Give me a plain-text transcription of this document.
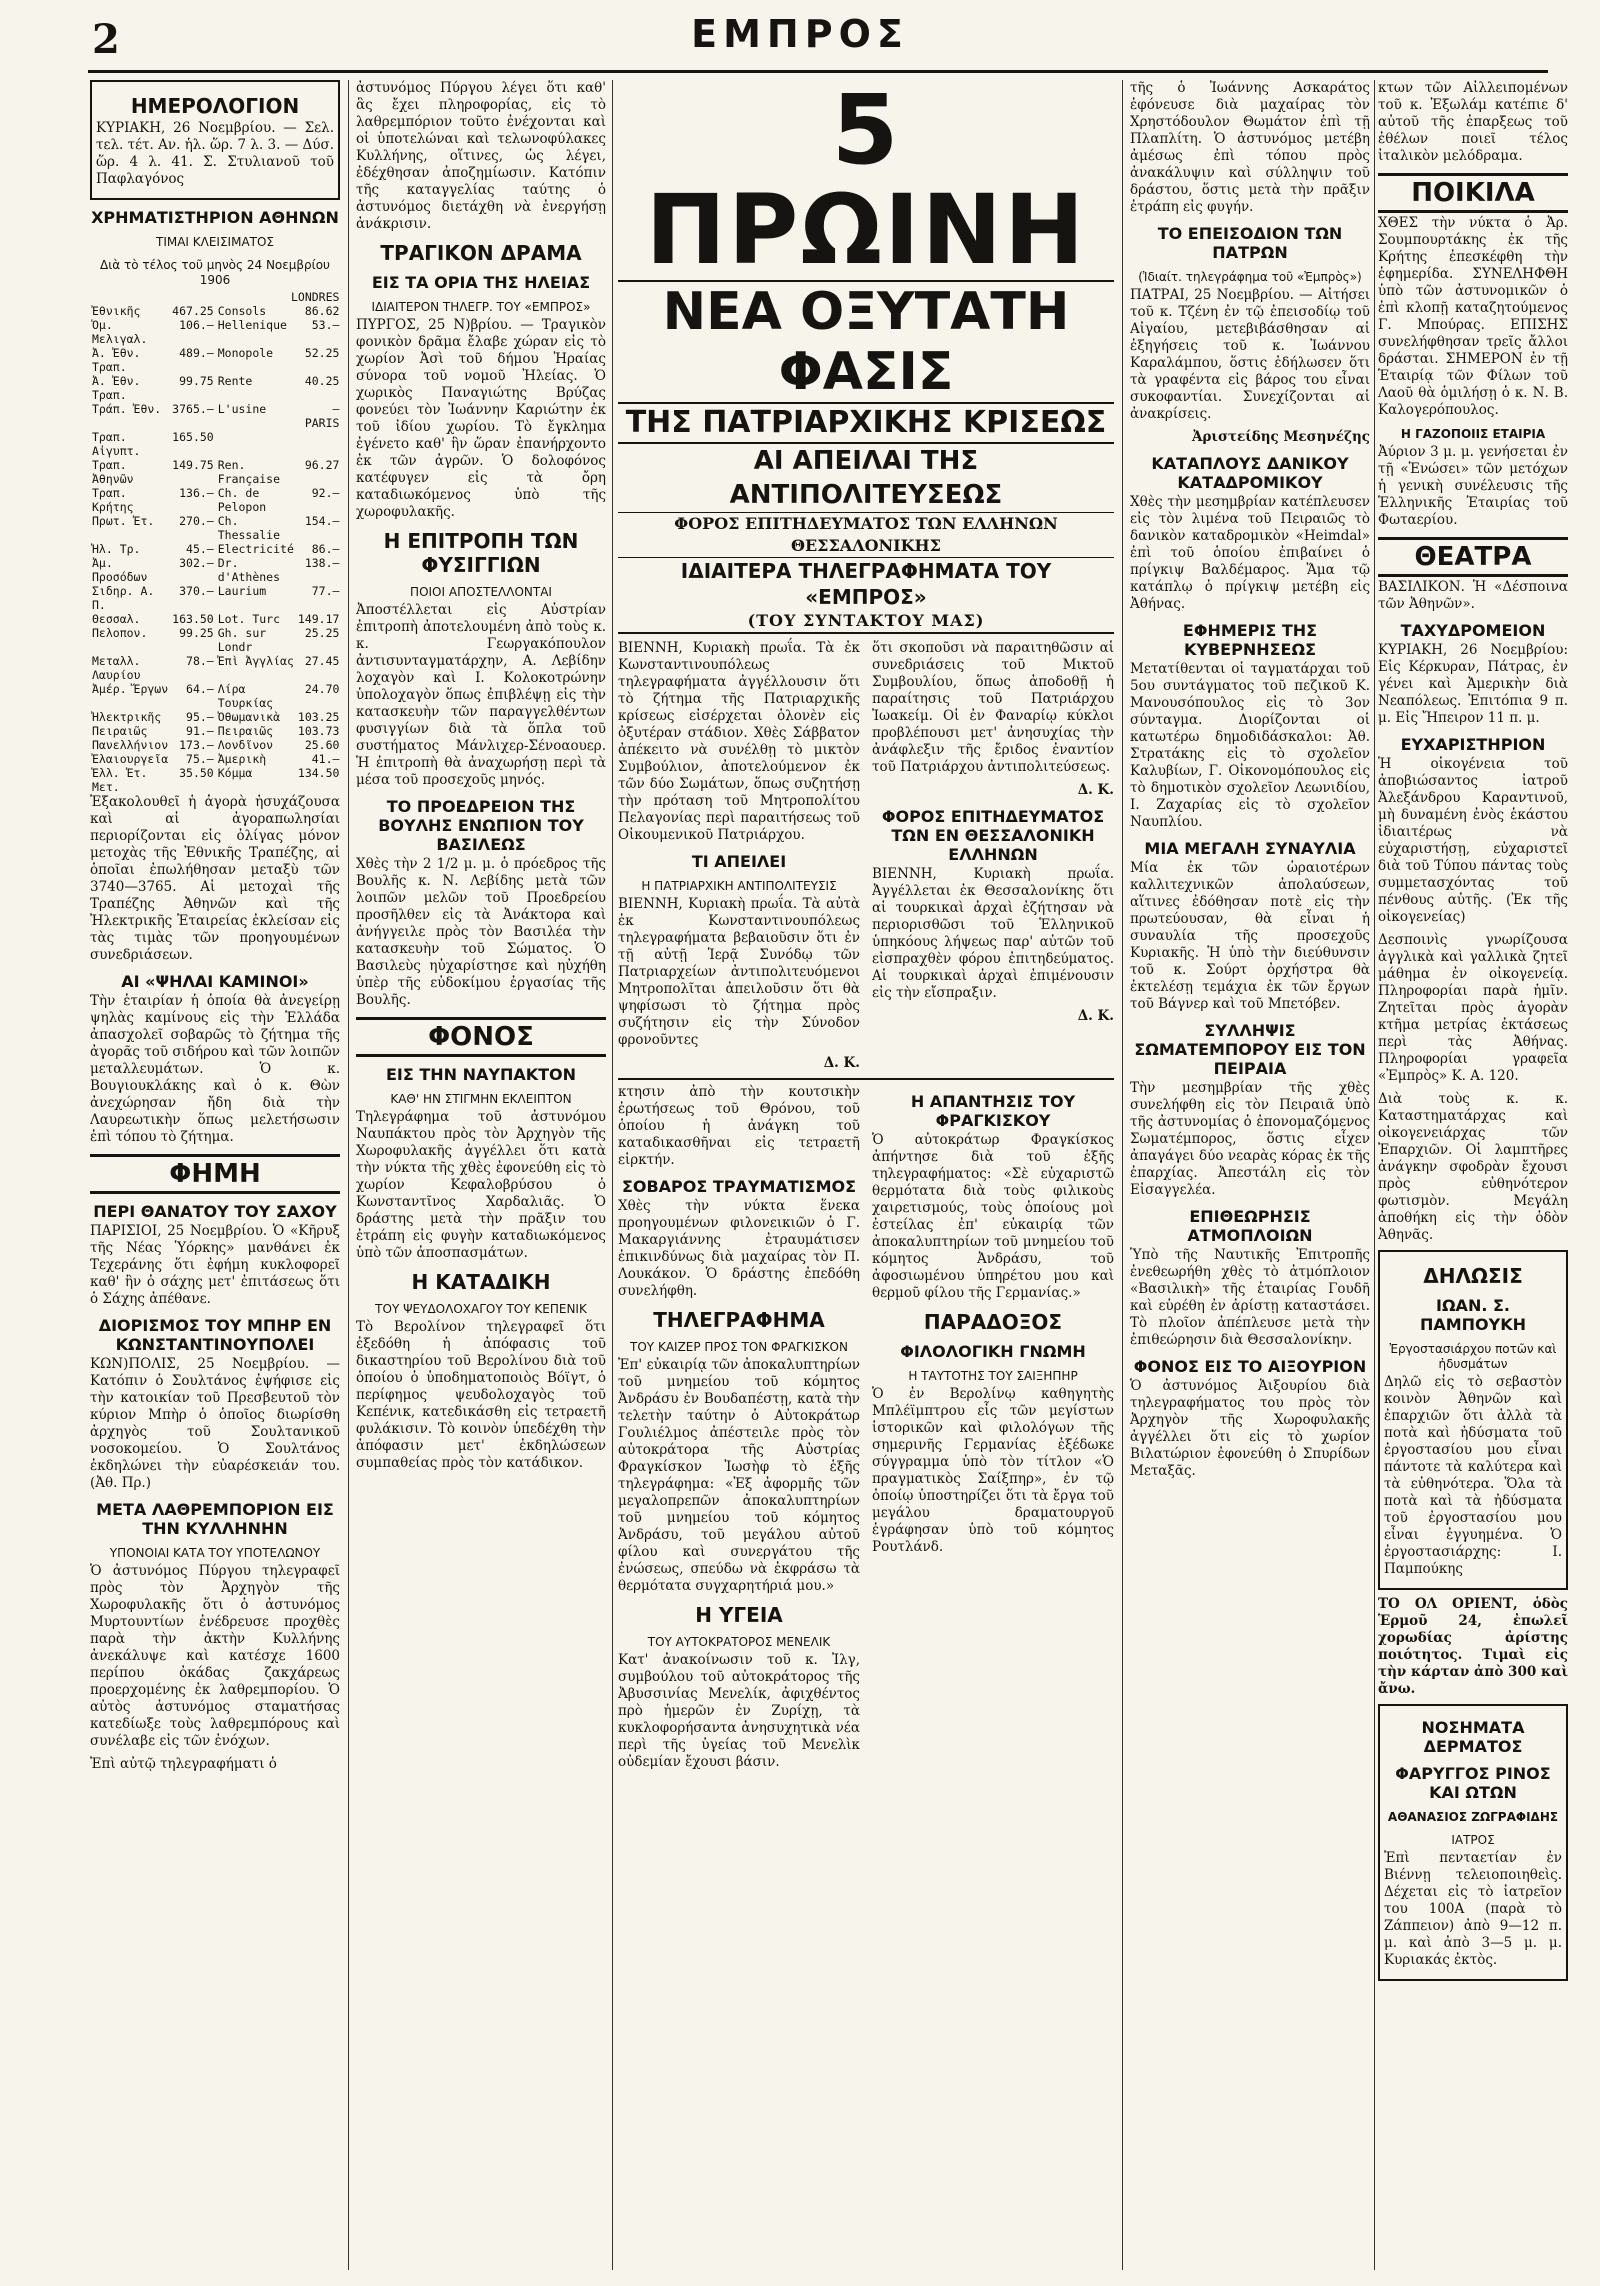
2	ΕΜΠΡΟΣ
ΗΜΕΡΟΛΟΓΙΟΝ

ΚΥΡΙΑΚΗ, 26 Νοεμβρίου. — Σελ. τελ. τέτ. Αν. ἡλ. ὥρ. 7 λ. 3. — Δύσ. ὥρ. 4 λ. 41. Σ. Στυλιανοῦ τοῦ Παφλαγόνος

ΧΡΗΜΑΤΙΣΤΗΡΙΟΝ ΑΘΗΝΩΝ
ΤΙΜΑΙ ΚΛΕΙΣΙΜΑΤΟΣ
Διὰ τὸ τέλος τοῦ μηνὸς 24 Νοεμβρίου 1906
		LONDRES	
Ἐθνικῆς	467.25	Consols	86.62
Ὁμ. Μελιγαλ.	106.—	Hellenique	53.—
Ἀ. Ἐθν. Τραπ.	489.—	Monopole	52.25
Ἀ. Ἐθν. Τραπ.	99.75	Rente	40.25
Τράπ. Ἐθν.	3765.—	L'usine	—
		PARIS	
Τραπ. Αἰγυπτ.	165.50		
Τραπ. Ἀθηνῶν	149.75	Ren. Française	96.27
Τραπ. Κρήτης	136.—	Ch. de Pelopon	92.—
Πρωτ. Ἐτ.	270.—	Ch. Thessalie	154.—
Ἡλ. Τρ.	45.—	Electricité	86.—
Ἀμ. Προσόδων	302.—	Dr. d'Athènes	138.—
Σιδηρ. Α. Π.	370.—	Laurium	77.—
Θεσσαλ.	163.50	Lot. Turc	149.17
Πελοπον.	99.25	Gh. sur Londr	25.25
Μεταλλ. Λαυρίου	78.—	Ἐπὶ Ἀγγλίας	27.45
Ἀμέρ. Ἔργων	64.—	Λίρα Τουρκίας	24.70
Ἠλεκτρικῆς	95.—	Ὀθωμανικὰ	103.25
Πειραιῶς	91.—	Πειραιῶς	103.73
Πανελλήνιον	173.—	Λονδῖνον	25.60
Ἐλαιουργεῖα	75.—	Ἀμερικὴ	41.—
Ἑλλ. Ἑτ. Μετ.	35.50	Κόμμα	134.50

Ἐξακολουθεῖ ἡ ἀγορὰ ἡσυχάζουσα καὶ αἱ ἀγοραπωλησίαι περιορίζονται εἰς ὀλίγας μόνον μετοχὰς τῆς Ἐθνικῆς Τραπέζης, αἱ ὁποῖαι ἐπωλήθησαν μεταξὺ τῶν 3740—3765. Αἱ μετοχαὶ τῆς Τραπέζης Ἀθηνῶν καὶ τῆς Ἠλεκτρικῆς Ἑταιρείας ἐκλείσαν εἰς τὰς τιμὰς τῶν προηγουμένων συνεδριάσεων.

ΑΙ «ΨΗΛΑΙ ΚΑΜΙΝΟΙ»

Τὴν ἑταιρίαν ἡ ὁποία θὰ ἀνεγείρῃ ψηλὰς καμίνους εἰς τὴν Ἑλλάδα ἀπασχολεῖ σοβαρῶς τὸ ζήτημα τῆς ἀγορᾶς τοῦ σιδήρου καὶ τῶν λοιπῶν μεταλλευμάτων. Ὁ κ. Βουγιουκλάκης καὶ ὁ κ. Θὼν ἀνεχώρησαν ἤδη διὰ τὴν Λαυρεωτικὴν ὅπως μελετήσωσιν ἐπὶ τόπου τὸ ζήτημα.

ΦΗΜΗ
ΠΕΡΙ ΘΑΝΑΤΟΥ ΤΟΥ ΣΑΧΟΥ

ΠΑΡΙΣΙΟΙ, 25 Νοεμβρίου. Ὁ «Κῆρυξ τῆς Νέας Ὑόρκης» μανθάνει ἐκ Τεχεράνης ὅτι ἐφήμη κυκλοφορεῖ καθ' ἣν ὁ σάχης μετ' ἐπιτάσεως ὅτι ὁ Σάχης ἀπέθανε.

ΔΙΟΡΙΣΜΟΣ ΤΟΥ ΜΠΗΡ ΕΝ ΚΩΝΣΤΑΝΤΙΝΟΥΠΟΛΕΙ

ΚΩΝ)ΠΟΛΙΣ, 25 Νοεμβρίου. — Κατόπιν ὁ Σουλτάνος ἐψήφισε εἰς τὴν κατοικίαν τοῦ Πρεσβευτοῦ τὸν κύριον Μπὴρ ὁ ὁποῖος διωρίσθη ἀρχηγὸς τοῦ Σουλτανικοῦ νοσοκομείου. Ὁ Σουλτάνος ἐκδηλώνει τὴν εὐαρέσκειάν του. (Ἀθ. Πρ.)

ΜΕΤΑ ΛΑΘΡΕΜΠΟΡΙΟΝ ΕΙΣ ΤΗΝ ΚΥΛΛΗΝΗΝ
ΥΠΟΝΟΙΑΙ ΚΑΤΑ ΤΟΥ ΥΠΟΤΕΛΩΝΟΥ

Ὁ ἀστυνόμος Πύργου τηλεγραφεῖ πρὸς τὸν Ἀρχηγὸν τῆς Χωροφυλακῆς ὅτι ὁ ἀστυνόμος Μυρτουντίων ἐνέδρευσε προχθὲς παρὰ τὴν ἀκτὴν Κυλλήνης ἀνεκάλυψε καὶ κατέσχε 1600 περίπου ὀκάδας ζακχάρεως προερχομένης ἐκ λαθρεμπορίου. Ὁ αὐτὸς ἀστυνόμος σταματήσας κατεδίωξε τοὺς λαθρεμπόρους καὶ συνέλαβε εἰς τῶν ἐνόχων.

Ἐπὶ αὐτῷ τηλεγραφήματι ὁ

ἀστυνόμος Πύργου λέγει ὅτι καθ' ἃς ἔχει πληροφορίας, εἰς τὸ λαθρεμπόριον τοῦτο ἐνέχονται καὶ οἱ ὑποτελώναι καὶ τελωνοφύλακες Κυλλήνης, οἵτινες, ὡς λέγει, ἐδέχθησαν ἀποζημίωσιν. Κατόπιν τῆς καταγγελίας ταύτης ὁ ἀστυνόμος διετάχθη νὰ ἐνεργήσῃ ἀνάκρισιν.

ΤΡΑΓΙΚΟΝ ΔΡΑΜΑ
ΕΙΣ ΤΑ ΟΡΙΑ ΤΗΣ ΗΛΕΙΑΣ
ΙΔΙΑΙΤΕΡΟΝ ΤΗΛΕΓΡ. ΤΟΥ «ΕΜΠΡΟΣ»

ΠΥΡΓΟΣ, 25 Ν)βρίου. — Τραγικὸν φονικὸν δρᾶμα ἔλαβε χώραν εἰς τὸ χωρίον Ἀσὶ τοῦ δήμου Ἠραίας σύνορα τοῦ νομοῦ Ἠλείας. Ὁ χωρικὸς Παναγιώτης Βρύζας φονεύει τὸν Ἰωάννην Καριώτην ἐκ τοῦ ἰδίου χωρίου. Τὸ ἔγκλημα ἐγένετο καθ' ἣν ὥραν ἐπανήρχοντο ἐκ τῶν ἀγρῶν. Ὁ δολοφόνος κατέφυγεν εἰς τὰ ὄρη καταδιωκόμενος ὑπὸ τῆς χωροφυλακῆς.

Η ΕΠΙΤΡΟΠΗ ΤΩΝ ΦΥΣΙΓΓΙΩΝ
ΠΟΙΟΙ ΑΠΟΣΤΕΛΛΟΝΤΑΙ

Ἀποστέλλεται εἰς Αὐστρίαν ἐπιτροπὴ ἀποτελουμένη ἀπὸ τοὺς κ. κ. Γεωργακόπουλον ἀντισυνταγματάρχην, Α. Λεβίδην λοχαγὸν καὶ Ι. Κολοκοτρώνην ὑπολοχαγὸν ὅπως ἐπιβλέψῃ εἰς τὴν κατασκευὴν τῶν παραγγελθέντων φυσιγγίων διὰ τὰ ὅπλα τοῦ συστήματος Μάνλιχερ-Σένοαουερ. Ἡ ἐπιτροπὴ θὰ ἀναχωρήσῃ περὶ τὰ μέσα τοῦ προσεχοῦς μηνός.

ΤΟ ΠΡΟΕΔΡΕΙΟΝ ΤΗΣ ΒΟΥΛΗΣ ΕΝΩΠΙΟΝ ΤΟΥ ΒΑΣΙΛΕΩΣ

Χθὲς τὴν 2 1/2 μ. μ. ὁ πρόεδρος τῆς Βουλῆς κ. Ν. Λεβίδης μετὰ τῶν λοιπῶν μελῶν τοῦ Προεδρείου προσῆλθεν εἰς τὰ Ἀνάκτορα καὶ ἀνήγγειλε πρὸς τὸν Βασιλέα τὴν κατασκευὴν τοῦ Σώματος. Ὁ Βασιλεὺς ηὐχαρίστησε καὶ ηὐχήθη ὑπὲρ τῆς εὐδοκίμου ἐργασίας τῆς Βουλῆς.

ΦΟΝΟΣ
ΕΙΣ ΤΗΝ ΝΑΥΠΑΚΤΟΝ
ΚΑΘ' ΗΝ ΣΤΙΓΜΗΝ ΕΚΛΕΙΠΤΟΝ

Τηλεγράφημα τοῦ ἀστυνόμου Ναυπάκτου πρὸς τὸν Ἀρχηγὸν τῆς Χωροφυλακῆς ἀγγέλλει ὅτι κατὰ τὴν νύκτα τῆς χθὲς ἐφονεύθη εἰς τὸ χωρίον Κεφαλοβρύσου ὁ Κωνσταντῖνος Χαρδαλιᾶς. Ὁ δράστης μετὰ τὴν πρᾶξιν του ἐτράπη εἰς φυγὴν καταδιωκόμενος ὑπὸ τῶν ἀποσπασμάτων.

Η ΚΑΤΑΔΙΚΗ
ΤΟΥ ΨΕΥΔΟΛΟΧΑΓΟΥ ΤΟΥ ΚΕΠΕΝΙΚ

Τὸ Βερολίνον τηλεγραφεῖ ὅτι ἐξεδόθη ἡ ἀπόφασις τοῦ δικαστηρίου τοῦ Βερολίνου διὰ τοῦ ὁποίου ὁ ὑποδηματοποιὸς Βόϊγτ, ὁ περίφημος ψευδολοχαγὸς τοῦ Κεπένικ, κατεδικάσθη εἰς τετραετῆ φυλάκισιν. Τὸ κοινὸν ὑπεδέχθη τὴν ἀπόφασιν μετ' ἐκδηλώσεων συμπαθείας πρὸς τὸν κατάδικον.

5 ΠΡΩΙΝΗ
ΝΕΑ ΟΞΥΤΑΤΗ ΦΑΣΙΣ
ΤΗΣ ΠΑΤΡΙΑΡΧΙΚΗΣ ΚΡΙΣΕΩΣ
ΑΙ ΑΠΕΙΛΑΙ ΤΗΣ ΑΝΤΙΠΟΛΙΤΕΥΣΕΩΣ
ΦΟΡΟΣ ΕΠΙΤΗΔΕΥΜΑΤΟΣ ΤΩΝ ΕΛΛΗΝΩΝ ΘΕΣΣΑΛΟΝΙΚΗΣ
ΙΔΙΑΙΤΕΡΑ ΤΗΛΕΓΡΑΦΗΜΑΤΑ ΤΟΥ «ΕΜΠΡΟΣ»
(ΤΟΥ ΣΥΝΤΑΚΤΟΥ ΜΑΣ)

ΒΙΕΝΝΗ, Κυριακὴ πρωΐα. Τὰ ἐκ Κωνσταντινουπόλεως τηλεγραφήματα ἀγγέλλουσιν ὅτι τὸ ζήτημα τῆς Πατριαρχικῆς κρίσεως εἰσέρχεται ὁλονὲν εἰς ὀξυτέραν στάδιον. Χθὲς Σάββατον ἀπέκειτο νὰ συνέλθῃ τὸ μικτὸν Συμβούλιον, ἀποτελούμενον ἐκ τῶν δύο Σωμάτων, ὅπως συζητήσῃ τὴν πρόταση τοῦ Μητροπολίτου Πελαγονίας περὶ παραιτήσεως τοῦ Οἰκουμενικοῦ Πατριάρχου.

ΤΙ ΑΠΕΙΛΕΙ
Η ΠΑΤΡΙΑΡΧΙΚΗ ΑΝΤΙΠΟΛΙΤΕΥΣΙΣ

ΒΙΕΝΝΗ, Κυριακὴ πρωΐα. Τὰ αὐτὰ ἐκ Κωνσταντινουπόλεως τηλεγραφήματα βεβαιοῦσιν ὅτι ἐν τῇ αὐτῇ Ἱερᾷ Συνόδῳ τῶν Πατριαρχείων ἀντιπολιτευόμενοι Μητροπολῖται ἀπειλοῦσιν ὅτι θὰ ψηφίσωσι τὸ ζήτημα πρὸς συζήτησιν εἰς τὴν Σύνοδον φρονοῦντες

Δ. Κ.

ὅτι σκοποῦσι νὰ παραιτηθῶσιν αἱ συνεδριάσεις τοῦ Μικτοῦ Συμβουλίου, ὅπως ἀποδοθῇ ἡ παραίτησις τοῦ Πατριάρχου Ἰωακείμ. Οἱ ἐν Φαναρίῳ κύκλοι προβλέπουσι μετ' ἀνησυχίας τὴν ἀνάφλεξιν τῆς ἔριδος ἐναντίον τοῦ Πατριάρχου ἀντιπολιτεύσεως.

Δ. Κ.

ΦΟΡΟΣ ΕΠΙΤΗΔΕΥΜΑΤΟΣ ΤΩΝ ΕΝ ΘΕΣΣΑΛΟΝΙΚΗ ΕΛΛΗΝΩΝ

ΒΙΕΝΝΗ, Κυριακὴ πρωΐα. Ἀγγέλλεται ἐκ Θεσσαλονίκης ὅτι αἱ τουρκικαὶ ἀρχαὶ ἐζήτησαν νὰ περιορισθῶσι τοῦ Ἑλληνικοῦ ὑπηκόους λήψεως παρ' αὐτῶν τοῦ εἰσπραχθὲν φόρου ἐπιτηδεύματος. Αἱ τουρκικαὶ ἀρχαὶ ἐπιμένουσιν εἰς τὴν εἴσπραξιν.

Δ. Κ.

κτησιν ἀπὸ τὴν κουτσικὴν ἐρωτήσεως τοῦ Θρόνου, τοῦ ὁποίου ἡ ἀνάγκη τοῦ καταδικασθῆναι εἰς τετραετῆ εἱρκτήν.

ΣΟΒΑΡΟΣ ΤΡΑΥΜΑΤΙΣΜΟΣ

Χθὲς τὴν νύκτα ἕνεκα προηγουμένων φιλονεικιῶν ὁ Γ. Μακαργιάννης ἐτραυμάτισεν ἐπικινδύνως διὰ μαχαίρας τὸν Π. Λουκάκον. Ὁ δράστης ἐπεδόθη συνελήφθη.

ΤΗΛΕΓΡΑΦΗΜΑ
ΤΟΥ ΚΑΙΖΕΡ ΠΡΟΣ ΤΟΝ ΦΡΑΓΚΙΣΚΟΝ

Ἐπ' εὐκαιρίᾳ τῶν ἀποκαλυπτηρίων τοῦ μνημείου τοῦ κόμητος Ἀνδράσυ ἐν Βουδαπέστῃ, κατὰ τὴν τελετὴν ταύτην ὁ Αὐτοκράτωρ Γουλιέλμος ἀπέστειλε πρὸς τὸν αὐτοκράτορα τῆς Αὐστρίας Φραγκίσκον Ἰωσὴφ τὸ ἑξῆς τηλεγράφημα: «Ἐξ ἀφορμῆς τῶν μεγαλοπρεπῶν ἀποκαλυπτηρίων τοῦ μνημείου τοῦ κόμητος Ἀνδράσυ, τοῦ μεγάλου αὐτοῦ φίλου καὶ συνεργάτου τῆς ἐνώσεως, σπεύδω νὰ ἐκφράσω τὰ θερμότατα συγχαρητήριά μου.»

Η ΥΓΕΙΑ
ΤΟΥ ΑΥΤΟΚΡΑΤΟΡΟΣ ΜΕΝΕΛΙΚ

Κατ' ἀνακοίνωσιν τοῦ κ. Ἰλγ, συμβούλου τοῦ αὐτοκράτορος τῆς Ἀβυσσινίας Μενελίκ, ἀφιχθέντος πρὸ ἡμερῶν ἐν Ζυρίχῃ, τὰ κυκλοφορήσαντα ἀνησυχητικὰ νέα περὶ τῆς ὑγείας τοῦ Μενελὶκ οὐδεμίαν ἔχουσι βάσιν.

Η ΑΠΑΝΤΗΣΙΣ ΤΟΥ ΦΡΑΓΚΙΣΚΟΥ

Ὁ αὐτοκράτωρ Φραγκίσκος ἀπήντησε διὰ τοῦ ἑξῆς τηλεγραφήματος: «Σὲ εὐχαριστῶ θερμότατα διὰ τοὺς φιλικοὺς χαιρετισμούς, τοὺς ὁποίους μοὶ ἐστείλας ἐπ' εὐκαιρίᾳ τῶν ἀποκαλυπτηρίων τοῦ μνημείου τοῦ κόμητος Ἀνδράσυ, τοῦ ἀφοσιωμένου ὑπηρέτου μου καὶ θερμοῦ φίλου τῆς Γερμανίας.»

ΠΑΡΑΔΟΞΟΣ
ΦΙΛΟΛΟΓΙΚΗ ΓΝΩΜΗ
Η ΤΑΥΤΟΤΗΣ ΤΟΥ ΣΑΙΞΗΠΗΡ

Ὁ ἐν Βερολίνῳ καθηγητὴς Μπλέϊμπτρου εἷς τῶν μεγίστων ἱστορικῶν καὶ φιλολόγων τῆς σημερινῆς Γερμανίας ἐξέδωκε σύγγραμμα ὑπὸ τὸν τίτλον «Ὁ πραγματικὸς Σαίξπηρ», ἐν τῷ ὁποίῳ ὑποστηρίζει ὅτι τὰ ἔργα τοῦ μεγάλου δραματουργοῦ ἐγράφησαν ὑπὸ τοῦ κόμητος Ρουτλάνδ.

τῆς ὁ Ἰωάννης Ασκαράτος ἐφόνευσε διὰ μαχαίρας τὸν Χρηστόδουλον Θωμάτον ἐπὶ τῇ Πλαπλίτη. Ὁ ἀστυνόμος μετέβη ἀμέσως ἐπὶ τόπου πρὸς ἀνακάλυψιν καὶ σύλληψιν τοῦ δράστου, ὅστις μετὰ τὴν πρᾶξιν ἐτράπη εἰς φυγήν.

ΤΟ ΕΠΕΙΣΟΔΙΟΝ ΤΩΝ ΠΑΤΡΩΝ
(Ἰδιαίτ. τηλεγράφημα τοῦ «Ἐμπρὸς»)

ΠΑΤΡΑΙ, 25 Νοεμβρίου. — Αἰτήσει τοῦ κ. Τζένη ἐν τῷ ἐπεισοδίῳ τοῦ Αἰγαίου, μετεβιβάσθησαν αἱ ἐξηγήσεις τοῦ κ. Ἰωάννου Καραλάμπου, ὅστις ἐδήλωσεν ὅτι τὰ γραφέντα εἰς βάρος του εἶναι συκοφαντίαι. Συνεχίζονται αἱ ἀνακρίσεις.

Ἀριστείδης Μεσηνέζης

ΚΑΤΑΠΛΟΥΣ ΔΑΝΙΚΟΥ ΚΑΤΑΔΡΟΜΙΚΟΥ

Χθὲς τὴν μεσημβρίαν κατέπλευσεν εἰς τὸν λιμένα τοῦ Πειραιῶς τὸ δανικὸν καταδρομικὸν «Heimdal» ἐπὶ τοῦ ὁποίου ἐπιβαίνει ὁ πρίγκιψ Βαλδέμαρος. Ἅμα τῷ κατάπλῳ ὁ πρίγκιψ μετέβη εἰς Ἀθήνας.

ΕΦΗΜΕΡΙΣ ΤΗΣ ΚΥΒΕΡΝΗΣΕΩΣ

Μετατίθενται οἱ ταγματάρχαι τοῦ 5ου συντάγματος τοῦ πεζικοῦ Κ. Μανουσόπουλος εἰς τὸ 3ον σύνταγμα. Διορίζονται οἱ κατωτέρω δημοδιδάσκαλοι: Ἀθ. Στρατάκης εἰς τὸ σχολεῖον Καλυβίων, Γ. Οἰκονομόπουλος εἰς τὸ δημοτικὸν σχολεῖον Λεωνιδίου, Ι. Ζαχαρίας εἰς τὸ σχολεῖον Ναυπλίου.

ΜΙΑ ΜΕΓΑΛΗ ΣΥΝΑΥΛΙΑ

Μία ἐκ τῶν ὡραιοτέρων καλλιτεχνικῶν ἀπολαύσεων, αἵτινες ἐδόθησαν ποτὲ εἰς τὴν πρωτεύουσαν, θὰ εἶναι ἡ συναυλία τῆς προσεχοῦς Κυριακῆς. Ἡ ὑπὸ τὴν διεύθυνσιν τοῦ κ. Σούρτ ὀρχήστρα θὰ ἐκτελέσῃ τεμάχια ἐκ τῶν ἔργων τοῦ Βάγνερ καὶ τοῦ Μπετόβεν.

ΣΥΛΛΗΨΙΣ ΣΩΜΑΤΕΜΠΟΡΟΥ ΕΙΣ ΤΟΝ ΠΕΙΡΑΙΑ

Τὴν μεσημβρίαν τῆς χθὲς συνελήφθη εἰς τὸν Πειραιᾶ ὑπὸ τῆς ἀστυνομίας ὁ ἐπονομαζόμενος Σωματέμπορος, ὅστις εἶχεν ἀπαγάγει δύο νεαρὰς κόρας ἐκ τῆς ἐπαρχίας. Ἀπεστάλη εἰς τὸν Εἰσαγγελέα.

ΕΠΙΘΕΩΡΗΣΙΣ ΑΤΜΟΠΛΟΙΩΝ

Ὑπὸ τῆς Ναυτικῆς Ἐπιτροπῆς ἐνεθεωρήθη χθὲς τὸ ἀτμόπλοιον «Βασιλικὴ» τῆς ἑταιρίας Γουδῆ καὶ εὑρέθη ἐν ἀρίστῃ καταστάσει. Τὸ πλοῖον ἀπέπλευσε μετὰ τὴν ἐπιθεώρησιν διὰ Θεσσαλονίκην.

ΦΟΝΟΣ ΕΙΣ ΤΟ ΑΙΞΟΥΡΙΟΝ

Ὁ ἀστυνόμος Ἀιξουρίου διὰ τηλεγραφήματος του πρὸς τὸν Ἀρχηγὸν τῆς Χωροφυλακῆς ἀγγέλλει ὅτι εἰς τὸ χωρίον Βιλατώριον ἐφονεύθη ὁ Σπυρίδων Μεταξᾶς.

κτων τῶν Αἰλλειπομένων τοῦ κ. Ἐξωλάμ κατέπιε δ' αὐτοῦ τῆς ἐπαρξεως τοῦ ἐθέλων ποιεῖ τέλος ἰταλικὸν μελόδραμα.

ΠΟΙΚΙΛΑ

ΧΘΕΣ τὴν νύκτα ὁ Ἀρ. Σουμπουρτάκης ἐκ τῆς Κρήτης ἐπεσκέφθη τὴν ἐφημερίδα. ΣΥΝΕΛΗΦΘΗ ὑπὸ τῶν ἀστυνομικῶν ὁ ἐπὶ κλοπῇ καταζητούμενος Γ. Μπούρας. ΕΠΙΣΗΣ συνελήφθησαν τρεῖς ἄλλοι δράσται. ΣΗΜΕΡΟΝ ἐν τῇ Ἑταιρίᾳ τῶν Φίλων τοῦ Λαοῦ θὰ ὁμιλήσῃ ὁ κ. Ν. Β. Καλογερόπουλος.

Η ΓΑΖΟΠΟΙΙΣ ΕΤΑΙΡΙΑ

Ἀύριον 3 μ. μ. γενήσεται ἐν τῇ «Ἑνώσει» τῶν μετόχων ἡ γενικὴ συνέλευσις τῆς Ἑλληνικῆς Ἑταιρίας τοῦ Φωταερίου.

ΘΕΑΤΡΑ

ΒΑΣΙΛΙΚΟΝ. Ἡ «Δέσποινα τῶν Ἀθηνῶν».

ΤΑΧΥΔΡΟΜΕΙΟΝ

ΚΥΡΙΑΚΗ, 26 Νοεμβρίου: Εἰς Κέρκυραν, Πάτρας, ἐν γένει καὶ Ἀμερικὴν διὰ Νεαπόλεως. Ἐπιτόπια 9 π. μ. Εἰς Ἤπειρον 11 π. μ.

ΕΥΧΑΡΙΣΤΗΡΙΟΝ

Ἡ οἰκογένεια τοῦ ἀποβιώσαντος ἰατροῦ Ἀλεξάνδρου Καραντινοῦ, μὴ δυναμένη ἐνὸς ἑκάστου ἰδιαιτέρως νὰ εὐχαριστήσῃ, εὐχαριστεῖ διὰ τοῦ Τύπου πάντας τοὺς συμμετασχόντας τοῦ πένθους αὐτῆς. (Ἐκ τῆς οἰκογενείας)

Δεσποινὶς γνωρίζουσα ἀγγλικὰ καὶ γαλλικὰ ζητεῖ μάθημα ἐν οἰκογενείᾳ. Πληροφορίαι παρὰ ἡμῖν. Ζητεῖται πρὸς ἀγορὰν κτῆμα μετρίας ἐκτάσεως περὶ τὰς Ἀθήνας. Πληροφορίαι γραφεῖα «Ἐμπρὸς» Κ. Α. 120.

Διὰ τοὺς κ. κ. Καταστηματάρχας καὶ οἰκογενειάρχας τῶν Ἐπαρχιῶν. Οἱ λαμπτῆρες ἀνάγκην σφοδρὰν ἔχουσι πρὸς εὐθηνότερον φωτισμὸν. Μεγάλη ἀποθήκη εἰς τὴν ὁδὸν Ἀθηνᾶς.

ΔΗΛΩΣΙΣ
ΙΩΑΝ. Σ. ΠΑΜΠΟΥΚΗ
Ἐργοστασιάρχου ποτῶν καὶ ἠδυσμάτων

Δηλῶ εἰς τὸ σεβαστὸν κοινὸν Ἀθηνῶν καὶ ἐπαρχιῶν ὅτι ἀλλὰ τὰ ποτὰ καὶ ἠδύσματα τοῦ ἐργοστασίου μου εἶναι πάντοτε τὰ καλύτερα καὶ τὰ εὐθηνότερα. Ὅλα τὰ ποτὰ καὶ τὰ ἠδύσματα τοῦ ἐργοστασίου μου εἶναι ἐγγυημένα. Ὁ ἐργοστασιάρχης: Ι. Παμπούκης

ΤΟ ΟΛ ΟΡΙΕΝΤ, ὁδὸς Ἑρμοῦ 24, ἐπωλεῖ χορωδίας ἀρίστης ποιότητος. Τιμαὶ εἰς τὴν κάρταν ἀπὸ 300 καὶ ἄνω.

ΝΟΣΗΜΑΤΑ ΔΕΡΜΑΤΟΣ
ΦΑΡΥΓΓΟΣ ΡΙΝΟΣ ΚΑΙ ΩΤΩΝ
ΑΘΑΝΑΣΙΟΣ ΖΩΓΡΑΦΙΔΗΣ
ΙΑΤΡΟΣ

Ἐπὶ πενταετίαν ἐν Βιέννῃ τελειοποιηθεὶς. Δέχεται εἰς τὸ ἰατρεῖον του 100Α (παρὰ τὸ Ζάππειον) ἀπὸ 9—12 π. μ. καὶ ἀπὸ 3—5 μ. μ. Κυριακάς ἐκτὸς.
